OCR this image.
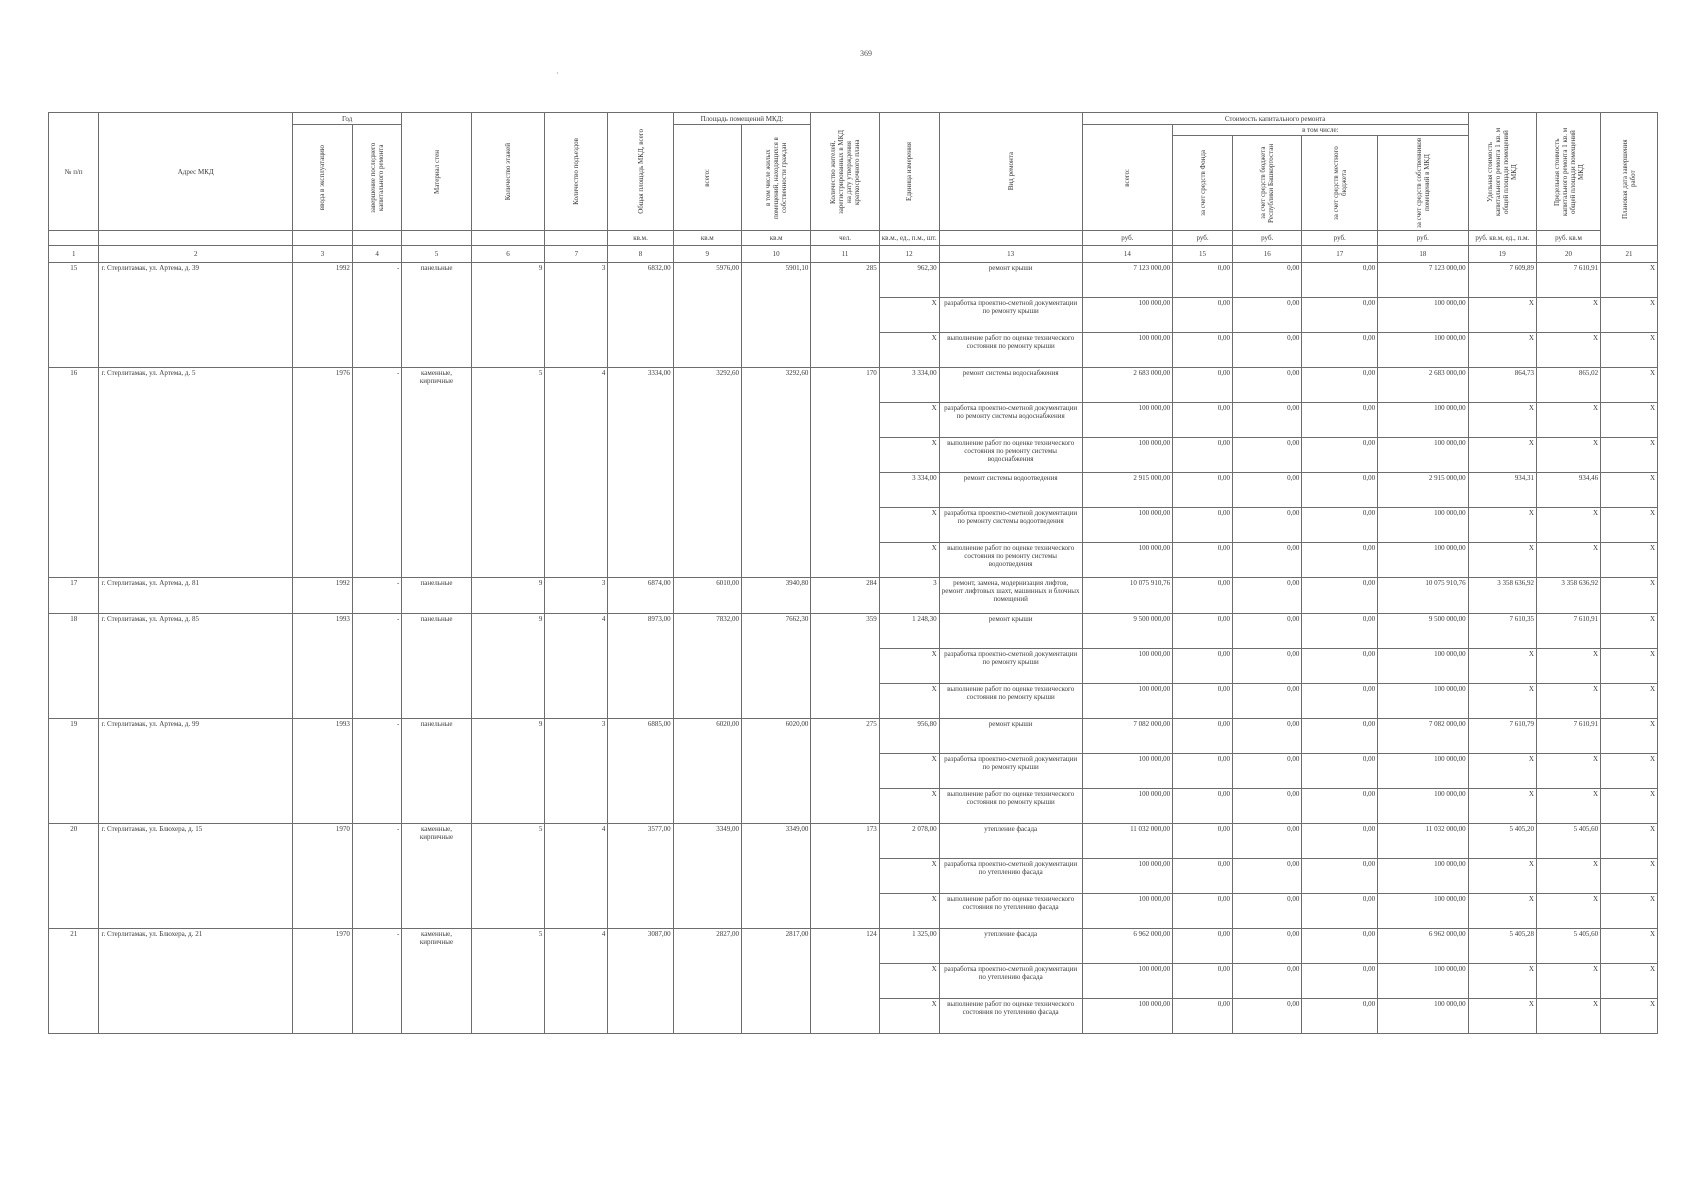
369
·
№ п/п	Адрес МКД	Год		Материал стен	Количество этажей	Количество подъездов	Общая площадь МКД, всего	Площадь помещений МКД:		Количество жителей, зарегистрированных в МКД на дату утверждения краткосрочного плана	Единица измерения	Вид ремонта	Стоимость капитального ремонта					Удельная стоимость капитального ремонта 1 кв. м общей площади помещений МКД	Предельная стоимость капитального ремонта 1 кв. м общей площади помещений МКД	Плановая дата завершения работ

		ввода в эксплуатацию	завершение последнего капитального ремонта					всего:	в том числе жилых помещений, находящихся в собственности граждан				всего:	в том числе:						

														за счет средств Фонда	за счет средств бюджета Республики Башкортостан	за счет средств местного бюджета	за счет средств собственников помещений в МКД			

							кв.м.	кв.м	кв.м	чел.	кв.м., ед., п.м., шт.		руб.	руб.	руб.	руб.	руб.	руб. кв.м, ед., п.м.	руб. кв.м	
1	2	3	4	5	6	7	8	9	10	11	12	13	14	15	16	17	18	19	20	21
15	г. Стерлитамак, ул. Артема, д. 39	1992	-	панельные	9	3	6832,00	5976,00	5901,10	285	962,30	ремонт крыши	7 123 000,00	0,00	0,00	0,00	7 123 000,00	7 609,89	7 610,91	X
											X	разработка проектно-сметной документации по ремонту крыши	100 000,00	0,00	0,00	0,00	100 000,00	X	X	X
											X	выполнение работ по оценке технического состояния по ремонту крыши	100 000,00	0,00	0,00	0,00	100 000,00	X	X	X
16	г. Стерлитамак, ул. Артема, д. 5	1976	-	каменные, кирпичные	5	4	3334,00	3292,60	3292,60	170	3 334,00	ремонт системы водоснабжения	2 683 000,00	0,00	0,00	0,00	2 683 000,00	864,73	865,02	X
											X	разработка проектно-сметной документации по ремонту системы водоснабжения	100 000,00	0,00	0,00	0,00	100 000,00	X	X	X
											X	выполнение работ по оценке технического состояния по ремонту системы водоснабжения	100 000,00	0,00	0,00	0,00	100 000,00	X	X	X
											3 334,00	ремонт системы водоотведения	2 915 000,00	0,00	0,00	0,00	2 915 000,00	934,31	934,46	X
											X	разработка проектно-сметной документации по ремонту системы водоотведения	100 000,00	0,00	0,00	0,00	100 000,00	X	X	X
											X	выполнение работ по оценке технического состояния по ремонту системы водоотведения	100 000,00	0,00	0,00	0,00	100 000,00	X	X	X
17	г. Стерлитамак, ул. Артема, д. 81	1992	-	панельные	9	3	6874,00	6010,00	3940,80	284	3	ремонт, замена, модернизация лифтов, ремонт лифтовых шахт, машинных и блочных помещений	10 075 910,76	0,00	0,00	0,00	10 075 910,76	3 358 636,92	3 358 636,92	X
18	г. Стерлитамак, ул. Артема, д. 85	1993	-	панельные	9	4	8973,00	7832,00	7662,30	359	1 248,30	ремонт крыши	9 500 000,00	0,00	0,00	0,00	9 500 000,00	7 610,35	7 610,91	X
											X	разработка проектно-сметной документации по ремонту крыши	100 000,00	0,00	0,00	0,00	100 000,00	X	X	X
											X	выполнение работ по оценке технического состояния по ремонту крыши	100 000,00	0,00	0,00	0,00	100 000,00	X	X	X
19	г. Стерлитамак, ул. Артема, д. 99	1993	-	панельные	9	3	6885,00	6020,00	6020,00	275	956,80	ремонт крыши	7 082 000,00	0,00	0,00	0,00	7 082 000,00	7 610,79	7 610,91	X
											X	разработка проектно-сметной документации по ремонту крыши	100 000,00	0,00	0,00	0,00	100 000,00	X	X	X
											X	выполнение работ по оценке технического состояния по ремонту крыши	100 000,00	0,00	0,00	0,00	100 000,00	X	X	X
20	г. Стерлитамак, ул. Блюхера, д. 15	1970	-	каменные, кирпичные	5	4	3577,00	3349,00	3349,00	173	2 078,00	утепление фасада	11 032 000,00	0,00	0,00	0,00	11 032 000,00	5 405,20	5 405,60	X
											X	разработка проектно-сметной документации по утеплению фасада	100 000,00	0,00	0,00	0,00	100 000,00	X	X	X
											X	выполнение работ по оценке технического состояния по утеплению фасада	100 000,00	0,00	0,00	0,00	100 000,00	X	X	X
21	г. Стерлитамак, ул. Блюхера, д. 21	1970	-	каменные, кирпичные	5	4	3087,00	2827,00	2817,00	124	1 325,00	утепление фасада	6 962 000,00	0,00	0,00	0,00	6 962 000,00	5 405,28	5 405,60	X
											X	разработка проектно-сметной документации по утеплению фасада	100 000,00	0,00	0,00	0,00	100 000,00	X	X	X
											X	выполнение работ по оценке технического состояния по утеплению фасада	100 000,00	0,00	0,00	0,00	100 000,00	X	X	X
